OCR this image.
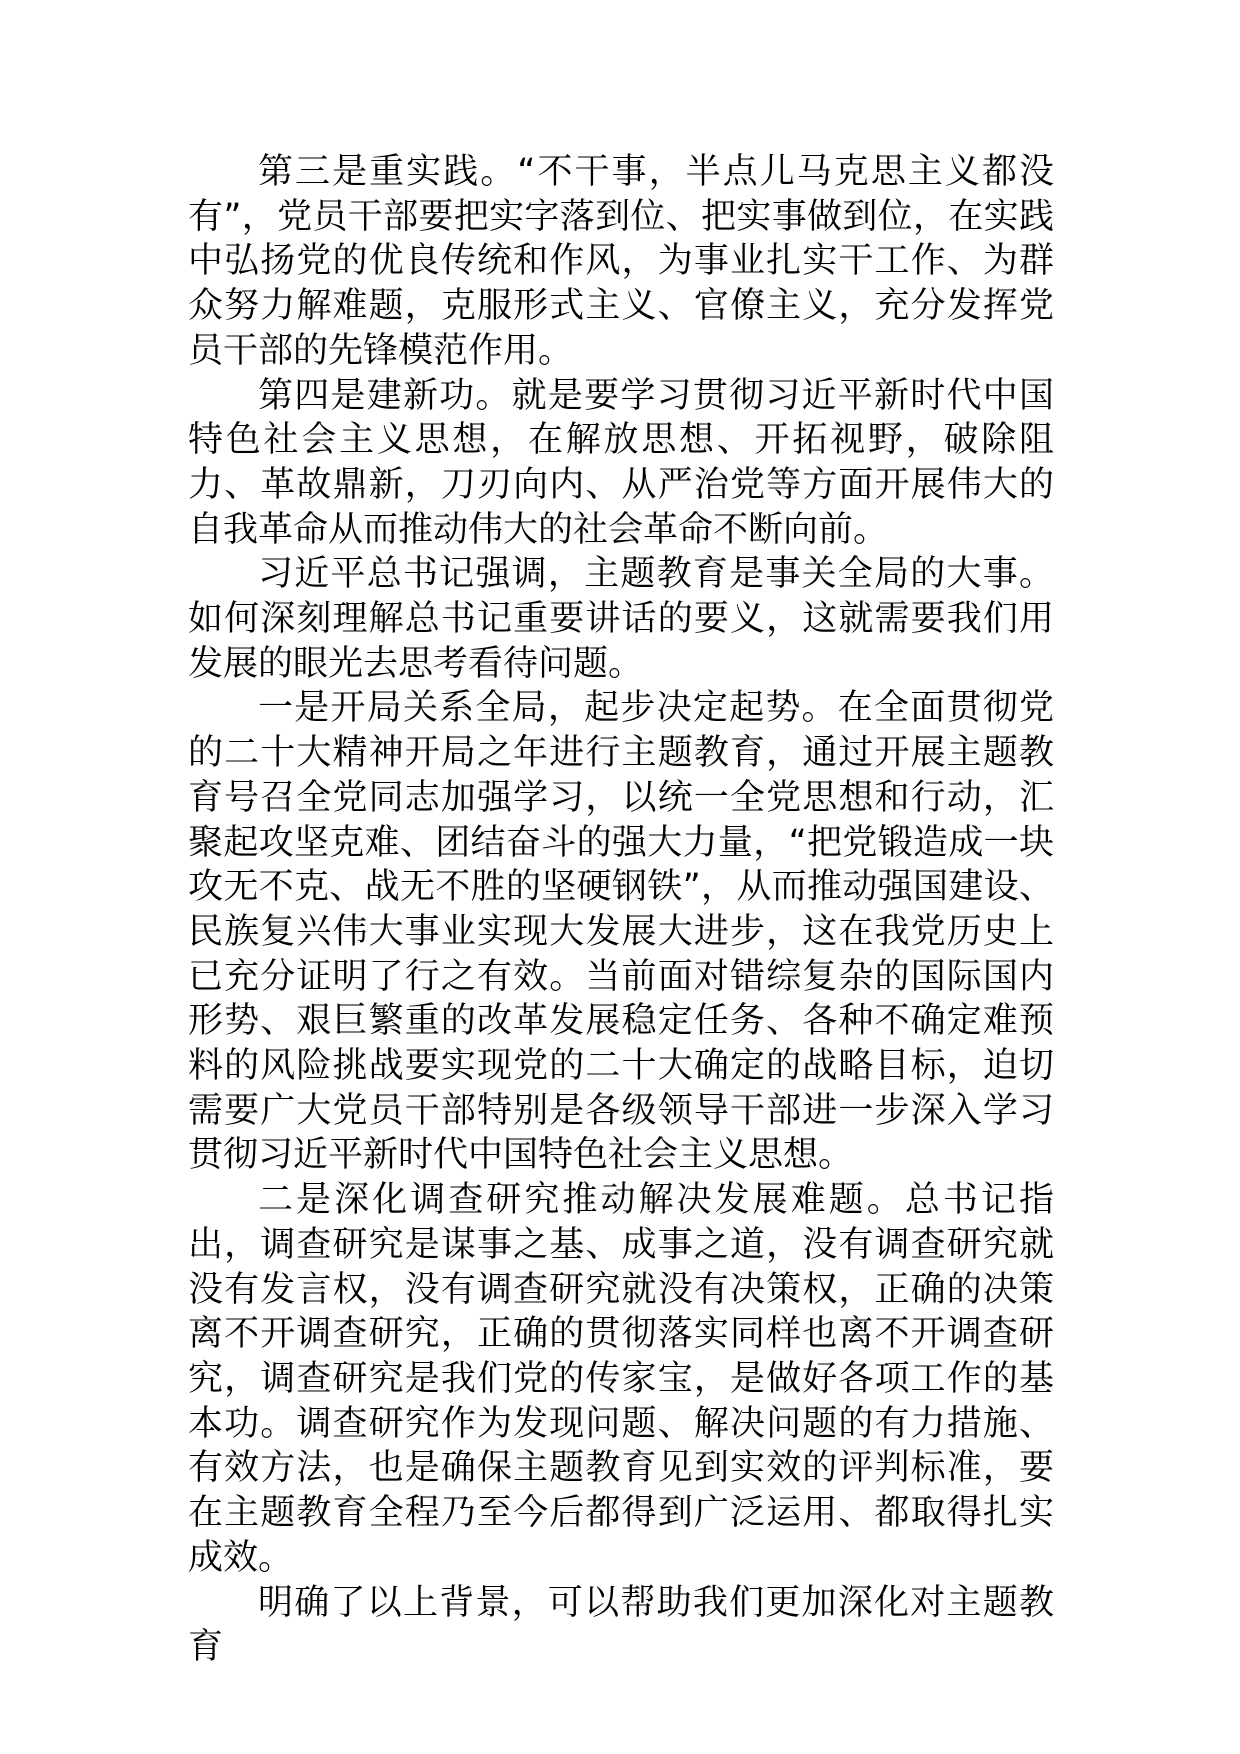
第三是重实践。“不干事，半点儿马克思主义都没有”，党员干部要把实字落到位、把实事做到位，在实践中弘扬党的优良传统和作风，为事业扎实干工作、为群众努力解难题，克服形式主义、官僚主义，充分发挥党员干部的先锋模范作用。

第四是建新功。就是要学习贯彻习近平新时代中国特色社会主义思想，在解放思想、开拓视野，破除阻力、革故鼎新，刀刃向内、从严治党等方面开展伟大的自我革命从而推动伟大的社会革命不断向前。

习近平总书记强调，主题教育是事关全局的大事。如何深刻理解总书记重要讲话的要义，这就需要我们用发展的眼光去思考看待问题。

一是开局关系全局，起步决定起势。在全面贯彻党的二十大精神开局之年进行主题教育，通过开展主题教育号召全党同志加强学习，以统一全党思想和行动，汇聚起攻坚克难、团结奋斗的强大力量，“把党锻造成一块攻无不克、战无不胜的坚硬钢铁”，从而推动强国建设、民族复兴伟大事业实现大发展大进步，这在我党历史上已充分证明了行之有效。当前面对错综复杂的国际国内形势、艰巨繁重的改革发展稳定任务、各种不确定难预料的风险挑战要实现党的二十大确定的战略目标，迫切需要广大党员干部特别是各级领导干部进一步深入学习贯彻习近平新时代中国特色社会主义思想。

二是深化调查研究推动解决发展难题。总书记指出，调查研究是谋事之基、成事之道，没有调查研究就没有发言权，没有调查研究就没有决策权，正确的决策离不开调查研究，正确的贯彻落实同样也离不开调查研究，调查研究是我们党的传家宝，是做好各项工作的基本功。调查研究作为发现问题、解决问题的有力措施、有效方法，也是确保主题教育见到实效的评判标准，要在主题教育全程乃至今后都得到广泛运用、都取得扎实成效。

明确了以上背景，可以帮助我们更加深化对主题教育
